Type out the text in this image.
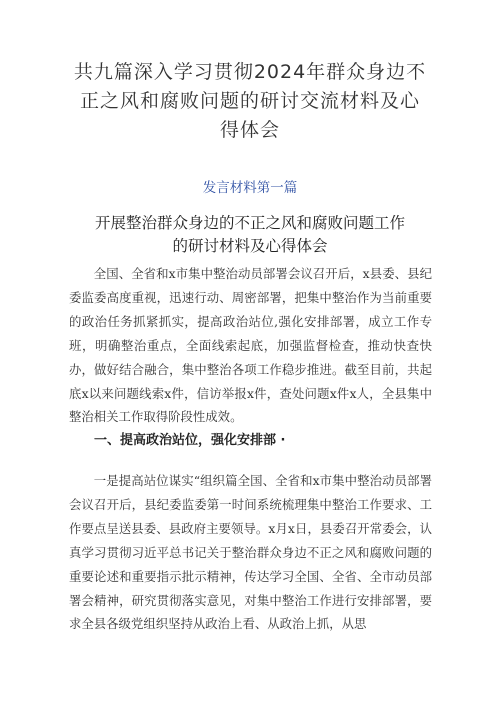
共九篇深入学习贯彻2024年群众身边不正之风和腐败问题的研讨交流材料及心得体会

发言材料第一篇

开展整治群众身边的不正之风和腐败问题工作
的研讨材料及心得体会

全国、全省和x市集中整治动员部署会议召开后，x县委、县纪委监委高度重视，迅速行动、周密部署，把集中整治作为当前重要的政治任务抓紧抓实，提高政治站位,强化安排部署，成立工作专班，明确整治重点，全面线索起底，加强监督检查，推动快查快办，做好结合融合，集中整治各项工作稳步推进。截至目前，共起底x以来问题线索x件，信访举报x件，查处问题x件x人，全县集中整治相关工作取得阶段性成效。

一、提高政治站位，强化安排部 ·

一是提高站位谋实“组织篇全国、全省和x市集中整治动员部署会议召开后，县纪委监委第一时间系统梳理集中整治工作要求、工作要点呈送县委、县政府主要领导。x月x日，县委召开常委会，认真学习贯彻习近平总书记关于整治群众身边不正之风和腐败问题的重要论述和重要指示批示精神，传达学习全国、全省、全市动员部署会精神，研究贯彻落实意见，对集中整治工作进行安排部署，要求全县各级党组织坚持从政治上看、从政治上抓，从思
